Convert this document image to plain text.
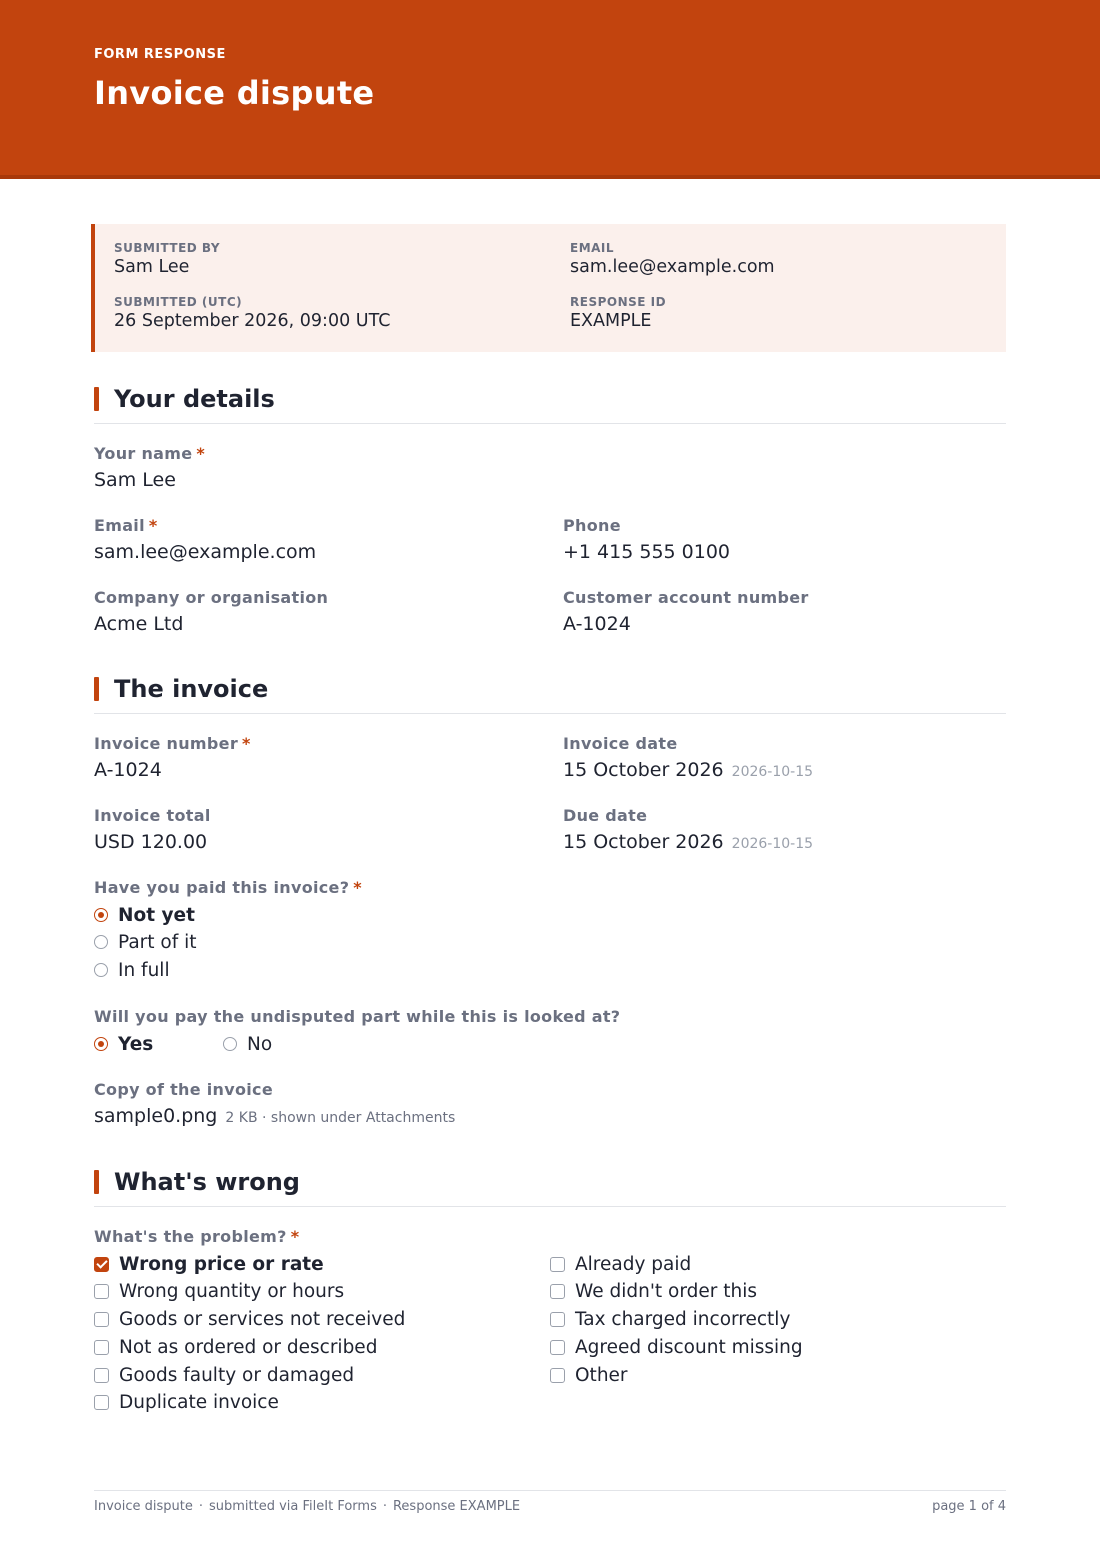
FORM RESPONSE
Invoice dispute
SUBMITTED BY
Sam Lee
EMAIL
sam.lee@example.com
SUBMITTED (UTC)
26 September 2026, 09:00 UTC
RESPONSE ID
EXAMPLE
Your details
Your name *
Sam Lee
Email *
sam.lee@example.com
Phone
+1 415 555 0100
Company or organisation
Acme Ltd
Customer account number
A-1024
The invoice
Invoice number *
A-1024
Invoice date
15 October 2026 2026-10-15
Invoice total
USD 120.00
Due date
15 October 2026 2026-10-15
Have you paid this invoice? *
Not yet
Part of it
In full
Will you pay the undisputed part while this is looked at?
Yes	No
Copy of the invoice
sample0.png 2 KB · shown under Attachments
What's wrong
What's the problem? *
Wrong price or rate
Wrong quantity or hours
Goods or services not received
Not as ordered or described
Goods faulty or damaged
Duplicate invoice
Already paid
We didn't order this
Tax charged incorrectly
Agreed discount missing
Other
Invoice dispute · submitted via FileIt Forms · Response EXAMPLE	page 1 of 4
